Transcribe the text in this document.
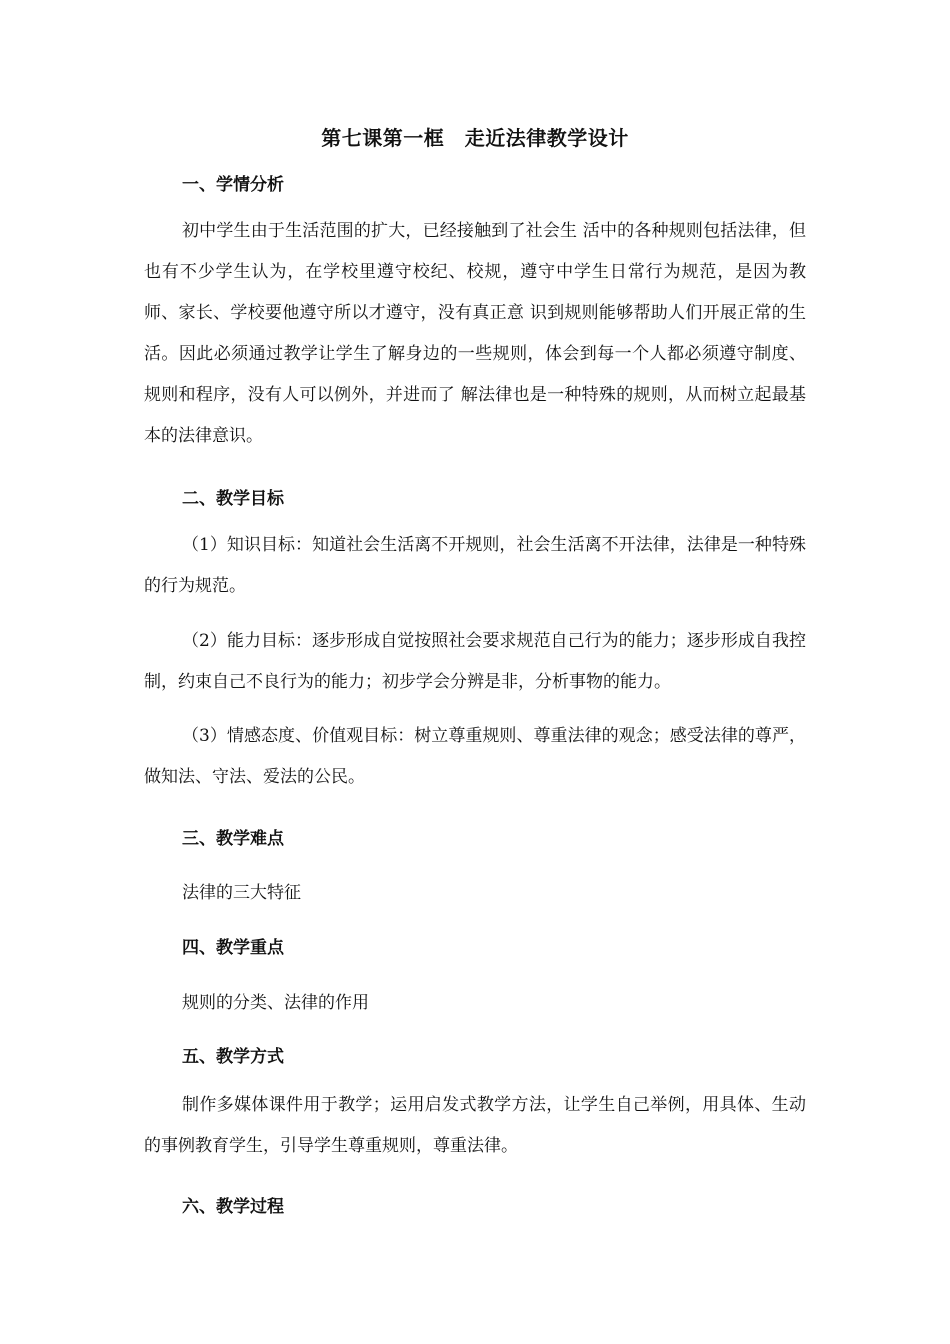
第七课第一框　走近法律教学设计
一、学情分析

初中学生由于生活范围的扩大，已经接触到了社会生 活中的各种规则包括法律，但也有不少学生认为，在学校里遵守校纪、校规，遵守中学生日常行为规范，是因为教师、家长、学校要他遵守所以才遵守，没有真正意 识到规则能够帮助人们开展正常的生活。因此必须通过教学让学生了解身边的一些规则，体会到每一个人都必须遵守制度、规则和程序，没有人可以例外，并进而了 解法律也是一种特殊的规则，从而树立起最基本的法律意识。

二、教学目标

（1）知识目标：知道社会生活离不开规则，社会生活离不开法律，法律是一种特殊的行为规范。

（2）能力目标：逐步形成自觉按照社会要求规范自己行为的能力；逐步形成自我控制，约束自己不良行为的能力；初步学会分辨是非，分析事物的能力。

（3）情感态度、价值观目标：树立尊重规则、尊重法律的观念；感受法律的尊严，做知法、守法、爱法的公民。

三、教学难点
法律的三大特征
四、教学重点
规则的分类、法律的作用
五、教学方式

制作多媒体课件用于教学；运用启发式教学方法，让学生自己举例，用具体、生动的事例教育学生，引导学生尊重规则，尊重法律。

六、教学过程
